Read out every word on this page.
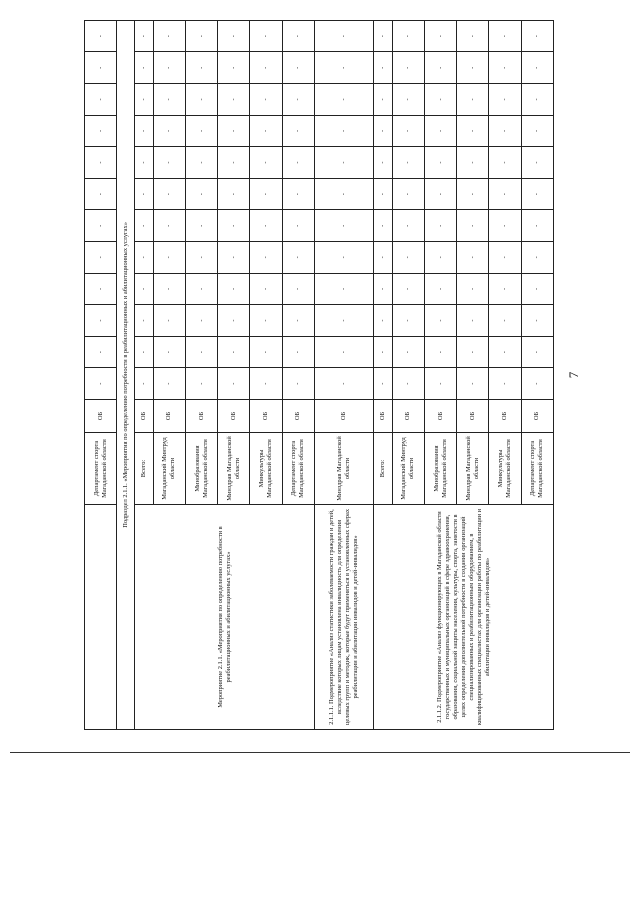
7
	Департамент спорта Магаданской области	ОБ	-	-	-	-	-	-	-	-	-	-	-	-
Подраздел 2.1.1. «Мероприятия по определению потребности в реабилитационных и абилитационных услугах»														
Мероприятие 2.1.1. «Мероприятия по определению потребности в реабилитационных и абилитационных услугах»	Всего:	ОБ	-	-	-	-	-	-	-	-	-	-	-	-
	Магаданский Минтруд области	ОБ	-	-	-	-	-	-	-	-	-	-	-	-
	Минобразования Магаданской области	ОБ	-	-	-	-	-	-	-	-	-	-	-	-
	Минздрав Магаданской области	ОБ	-	-	-	-	-	-	-	-	-	-	-	-
	Минкультуры Магаданской области	ОБ	-	-	-	-	-	-	-	-	-	-	-	-
	Департамент спорта Магаданской области	ОБ	-	-	-	-	-	-	-	-	-	-	-	-
2.1.1.1. Подмероприятие «Анализ статистики заболеваемости граждан и детей, вследствие которых лицам установлена инвалидность для определения целевых групп и методик, которые будут применяться в установленных сферах реабилитации и абилитации инвалидов и детей-инвалидов»	Минздрав Магаданской области	ОБ	-	-	-	-	-	-	-	-	-	-	-	-
2.1.1.2. Подмероприятие «Анализ функционирующих в Магаданской области государственных и муниципальных организаций в сфере здравоохранения, образования, социальной защиты населения, культуры, спорта, занятости в целях определения дополнительной потребности в создании организаций специализированных и реабилитационным оборудованием, в квалифицированных специалистах для организации работы по реабилитации и абилитации инвалидов и детей-инвалидов»	Всего:	ОБ	-	-	-	-	-	-	-	-	-	-	-	-
	Магаданский Минтруд области	ОБ	-	-	-	-	-	-	-	-	-	-	-	-
	Минобразования Магаданской области	ОБ	-	-	-	-	-	-	-	-	-	-	-	-
	Минздрав Магаданской области	ОБ	-	-	-	-	-	-	-	-	-	-	-	-
	Минкультуры Магаданской области	ОБ	-	-	-	-	-	-	-	-	-	-	-	-
	Департамент спорта Магаданской области	ОБ	-	-	-	-	-	-	-	-	-	-	-	-
